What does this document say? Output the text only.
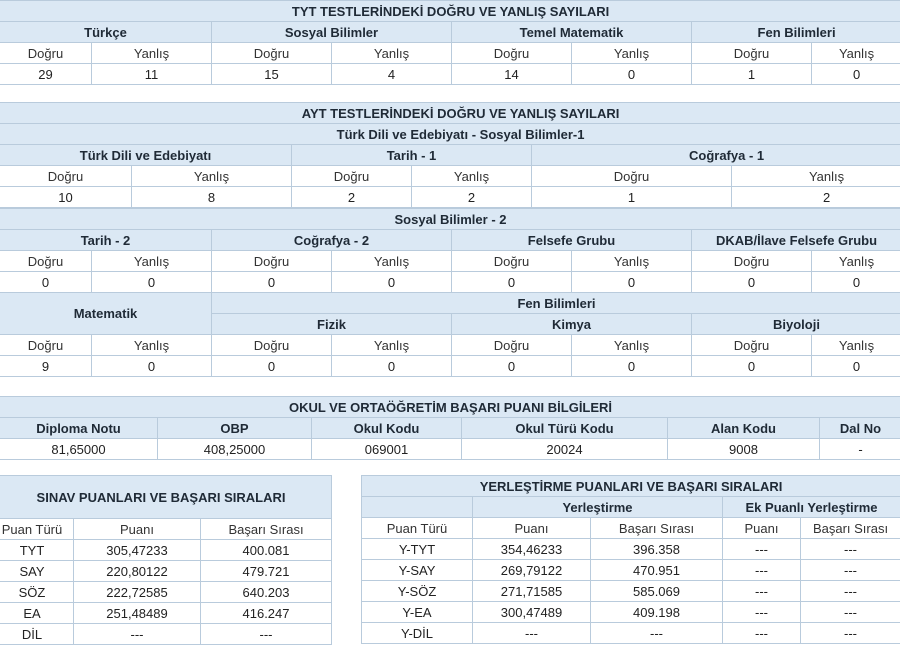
TYT TESTLERİNDEKİ DOĞRU VE YANLIŞ SAYILARI							
Türkçe		Sosyal Bilimler		Temel Matematik		Fen Bilimleri	
Doğru	Yanlış	Doğru	Yanlış	Doğru	Yanlış	Doğru	Yanlış
29	11	15	4	14	0	1	0
AYT TESTLERİNDEKİ DOĞRU VE YANLIŞ SAYILARI					
Türk Dili ve Edebiyatı - Sosyal Bilimler-1					
Türk Dili ve Edebiyatı		Tarih - 1		Coğrafya - 1	
Doğru	Yanlış	Doğru	Yanlış	Doğru	Yanlış
10	8	2	2	1	2
Sosyal Bilimler - 2							
Tarih - 2		Coğrafya - 2		Felsefe Grubu		DKAB/İlave Felsefe Grubu	
Doğru	Yanlış	Doğru	Yanlış	Doğru	Yanlış	Doğru	Yanlış
0	0	0	0	0	0	0	0
Matematik		Fen Bilimleri					
		Fizik		Kimya		Biyoloji	
Doğru	Yanlış	Doğru	Yanlış	Doğru	Yanlış	Doğru	Yanlış
9	0	0	0	0	0	0	0
OKUL VE ORTAÖĞRETİM BAŞARI PUANI BİLGİLERİ					
Diploma Notu	OBP	Okul Kodu	Okul Türü Kodu	Alan Kodu	Dal No
81,65000	408,25000	069001	20024	9008	-
SINAV PUANLARI VE BAŞARI SIRALARI		
Puan Türü	Puanı	Başarı Sırası
TYT	305,47233	400.081
SAY	220,80122	479.721
SÖZ	222,72585	640.203
EA	251,48489	416.247
DİL	---	---
YERLEŞTİRME PUANLARI VE BAŞARI SIRALARI				
	Yerleştirme		Ek Puanlı Yerleştirme	
Puan Türü	Puanı	Başarı Sırası	Puanı	Başarı Sırası
Y-TYT	354,46233	396.358	---	---
Y-SAY	269,79122	470.951	---	---
Y-SÖZ	271,71585	585.069	---	---
Y-EA	300,47489	409.198	---	---
Y-DİL	---	---	---	---
